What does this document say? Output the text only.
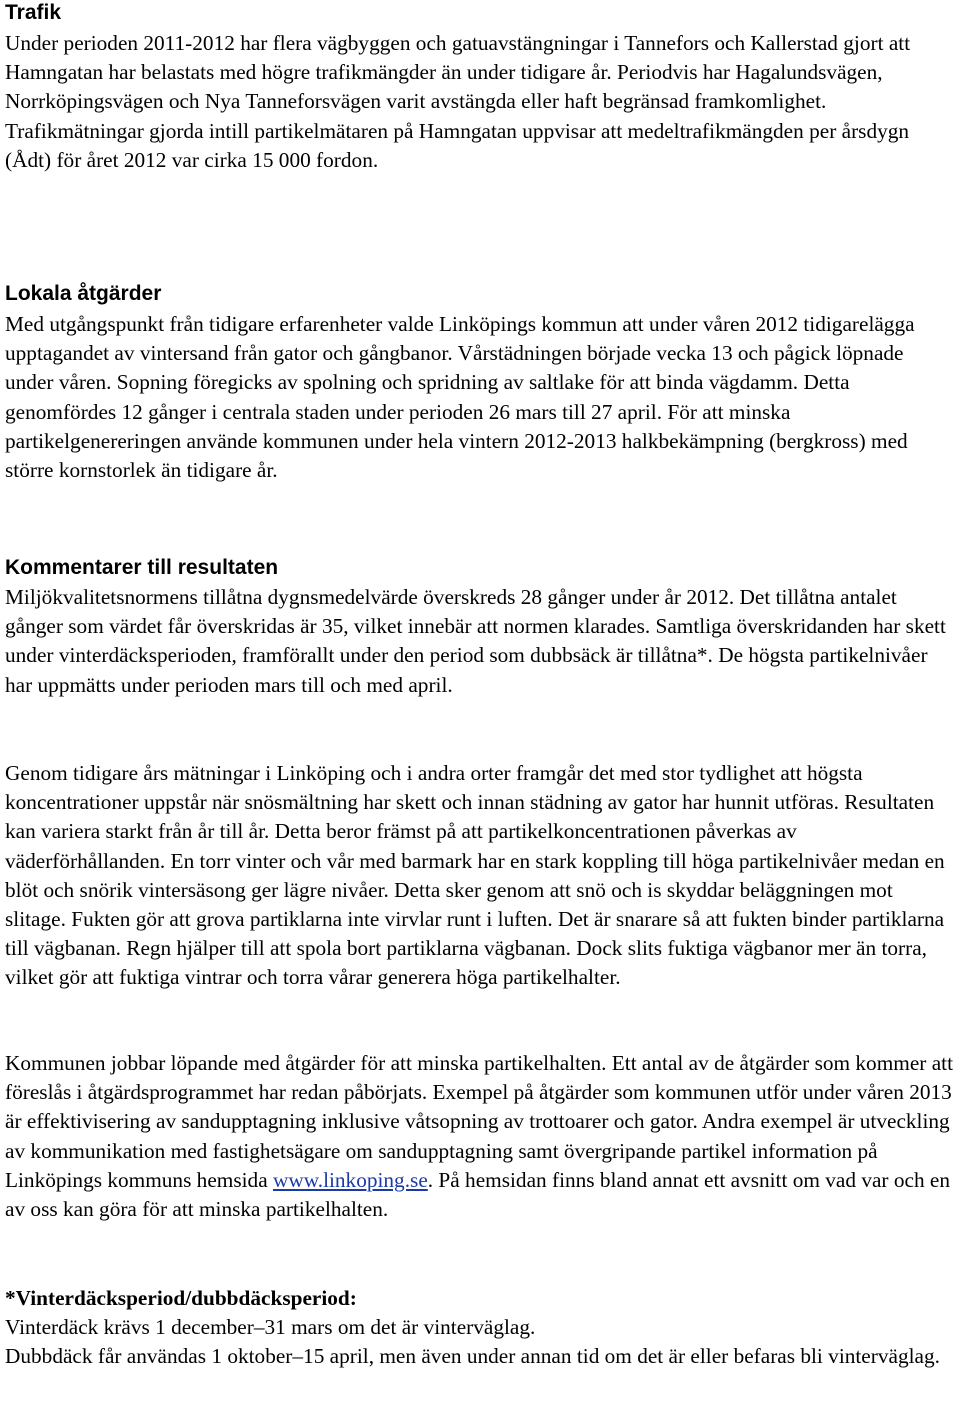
Trafik

Under perioden 2011-2012 har flera vägbyggen och gatuavstängningar i Tannefors och Kallerstad gjort att Hamngatan har belastats med högre trafikmängder än under tidigare år. Periodvis har Hagalundsvägen, Norrköpingsvägen och Nya Tanneforsvägen varit avstängda eller haft begränsad framkomlighet. Trafikmätningar gjorda intill partikelmätaren på Hamngatan uppvisar att medeltrafikmängden per årsdygn (Ådt) för året 2012 var cirka 15 000 fordon.

Lokala åtgärder

Med utgångspunkt från tidigare erfarenheter valde Linköpings kommun att under våren 2012 tidigarelägga upptagandet av vintersand från gator och gångbanor. Vårstädningen började vecka 13 och pågick löpnade under våren. Sopning föregicks av spolning och spridning av saltlake för att binda vägdamm. Detta genomfördes 12 gånger i centrala staden under perioden 26 mars till 27 april. För att minska partikelgenereringen använde kommunen under hela vintern 2012-2013 halkbekämpning (bergkross) med större kornstorlek än tidigare år.

Kommentarer till resultaten

Miljökvalitetsnormens tillåtna dygnsmedelvärde överskreds 28 gånger under år 2012. Det tillåtna antalet gånger som värdet får överskridas är 35, vilket innebär att normen klarades. Samtliga överskridanden har skett under vinterdäcksperioden, framförallt under den period som dubbsäck är tillåtna*. De högsta partikelnivåer har uppmätts under perioden mars till och med april.

Genom tidigare års mätningar i Linköping och i andra orter framgår det med stor tydlighet att högsta koncentrationer uppstår när snösmältning har skett och innan städning av gator har hunnit utföras. Resultaten kan variera starkt från år till år. Detta beror främst på att partikelkoncentrationen påverkas av väderförhållanden. En torr vinter och vår med barmark har en stark koppling till höga partikelnivåer medan en blöt och snörik vintersäsong ger lägre nivåer. Detta sker genom att snö och is skyddar beläggningen mot slitage. Fukten gör att grova partiklarna inte virvlar runt i luften. Det är snarare så att fukten binder partiklarna till vägbanan. Regn hjälper till att spola bort partiklarna vägbanan. Dock slits fuktiga vägbanor mer än torra, vilket gör att fuktiga vintrar och torra vårar generera höga partikelhalter.

Kommunen jobbar löpande med åtgärder för att minska partikelhalten. Ett antal av de åtgärder som kommer att föreslås i åtgärdsprogrammet har redan påbörjats. Exempel på åtgärder som kommunen utför under våren 2013 är effektivisering av sandupptagning inklusive våtsopning av trottoarer och gator. Andra exempel är utveckling av kommunikation med fastighetsägare om sandupptagning samt övergripande partikel information på Linköpings kommuns hemsida www.linkoping.se. På hemsidan finns bland annat ett avsnitt om vad var och en av oss kan göra för att minska partikelhalten.

*Vinterdäcksperiod/dubbdäcksperiod:

Vinterdäck krävs 1 december–31 mars om det är vinterväglag.

Dubbdäck får användas 1 oktober–15 april, men även under annan tid om det är eller befaras bli vinterväglag.
